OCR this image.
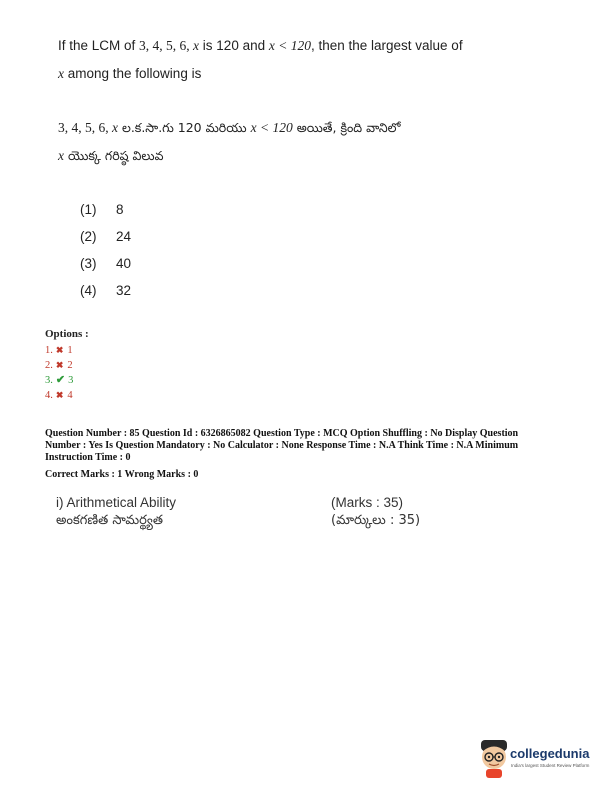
If the LCM of 3, 4, 5, 6, x is 120 and x < 120, then the largest value of
x among the following is
3, 4, 5, 6, x ల.క.సా.గు 120 మరియు x < 120 అయితే, క్రింది వానిలో
x యొక్క గరిష్ఠ విలువ
(1) 8
(2) 24
(3) 40
(4) 32
Options :
1. ✖ 1
2. ✖ 2
3. ✔ 3
4. ✖ 4
Question Number : 85 Question Id : 6326865082 Question Type : MCQ Option Shuffling : No Display Question
Number : Yes Is Question Mandatory : No Calculator : None Response Time : N.A Think Time : N.A Minimum
Instruction Time : 0
Correct Marks : 1 Wrong Marks : 0
i) Arithmetical Ability
అంకగణిత సామర్థ్యత
(Marks : 35)
(మార్కులు : 35)
collegedunia
India's largest Student Review Platform
